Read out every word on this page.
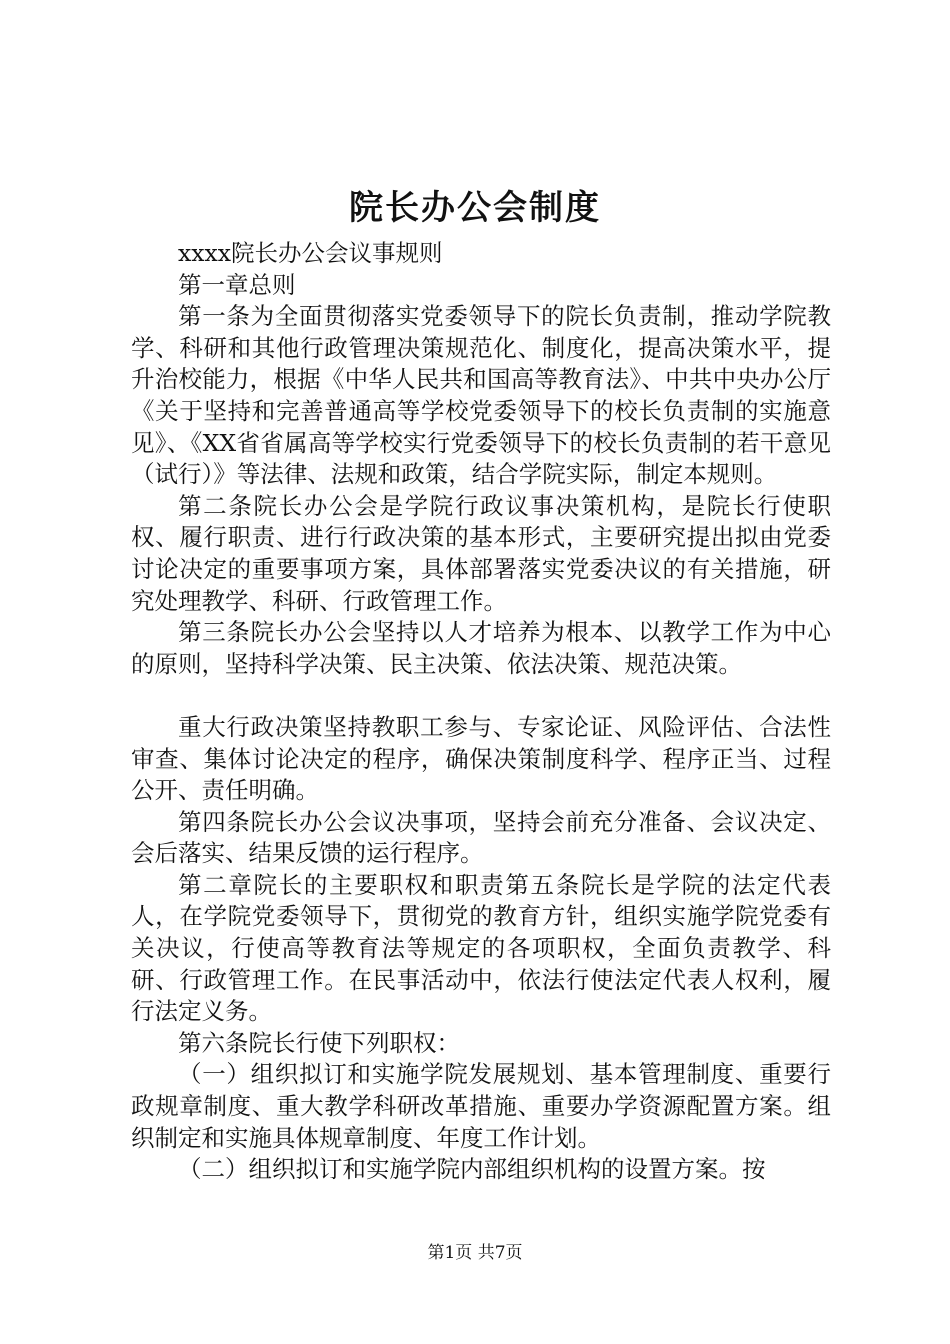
院长办公会制度

xxxx院长办公会议事规则

第一章总则

第一条为全面贯彻落实党委领导下的院长负责制，推动学院教学、科研和其他行政管理决策规范化、制度化，提高决策水平，提升治校能力，根据《中华人民共和国高等教育法》、中共中央办公厅《关于坚持和完善普通高等学校党委领导下的校长负责制的实施意见》、《XX省省属高等学校实行党委领导下的校长负责制的若干意见（试行）》等法律、法规和政策，结合学院实际，制定本规则。

第二条院长办公会是学院行政议事决策机构，是院长行使职权、履行职责、进行行政决策的基本形式，主要研究提出拟由党委讨论决定的重要事项方案，具体部署落实党委决议的有关措施，研究处理教学、科研、行政管理工作。

第三条院长办公会坚持以人才培养为根本、以教学工作为中心的原则，坚持科学决策、民主决策、依法决策、规范决策。

重大行政决策坚持教职工参与、专家论证、风险评估、合法性审查、集体讨论决定的程序，确保决策制度科学、程序正当、过程公开、责任明确。

第四条院长办公会议决事项，坚持会前充分准备、会议决定、会后落实、结果反馈的运行程序。

第二章院长的主要职权和职责第五条院长是学院的法定代表人，在学院党委领导下，贯彻党的教育方针，组织实施学院党委有关决议，行使高等教育法等规定的各项职权，全面负责教学、科研、行政管理工作。在民事活动中，依法行使法定代表人权利，履行法定义务。

第六条院长行使下列职权：

（一）组织拟订和实施学院发展规划、基本管理制度、重要行政规章制度、重大教学科研改革措施、重要办学资源配置方案。组织制定和实施具体规章制度、年度工作计划。

（二）组织拟订和实施学院内部组织机构的设置方案。按

第1页 共7页
